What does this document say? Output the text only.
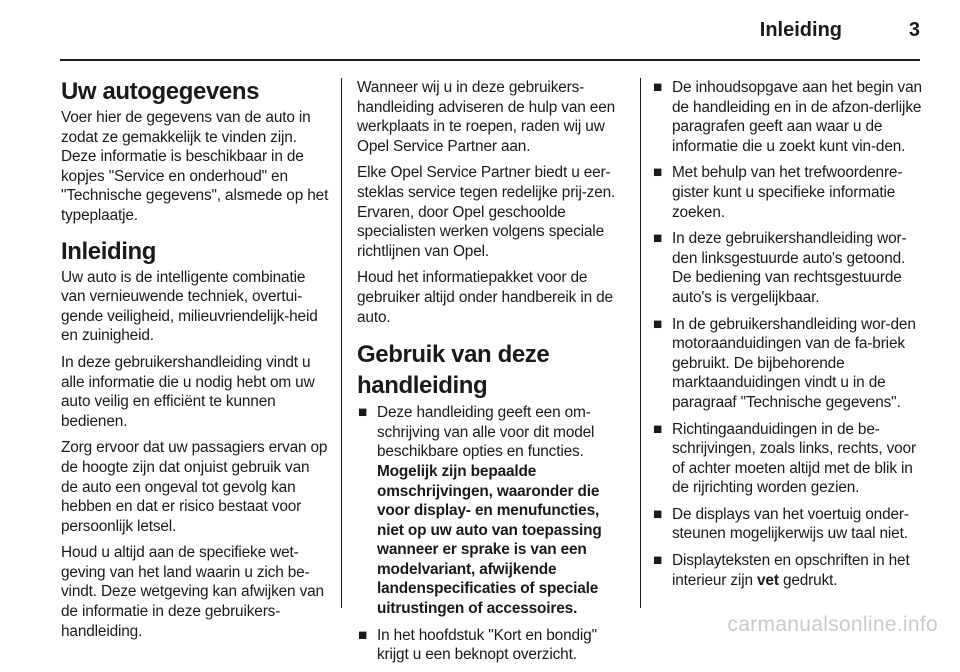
Inleiding	3
Uw autogegevens

Voer hier de gegevens van de auto in zodat ze gemakkelijk te vinden zijn. Deze informatie is beschikbaar in de kopjes "Service en onderhoud" en "Technische gegevens", alsmede op het typeplaatje.

Inleiding

Uw auto is de intelligente combinatie van vernieuwende techniek, overtui-gende veiligheid, milieuvriendelijk-heid en zuinigheid.

In deze gebruikershandleiding vindt u alle informatie die u nodig hebt om uw auto veilig en efficiënt te kunnen bedienen.

Zorg ervoor dat uw passagiers ervan op de hoogte zijn dat onjuist gebruik van de auto een ongeval tot gevolg kan hebben en dat er risico bestaat voor persoonlijk letsel.

Houd u altijd aan de specifieke wet-geving van het land waarin u zich be-vindt. Deze wetgeving kan afwijken van de informatie in deze gebruikers-handleiding.

Wanneer wij u in deze gebruikers-handleiding adviseren de hulp van een werkplaats in te roepen, raden wij uw Opel Service Partner aan.

Elke Opel Service Partner biedt u eer-steklas service tegen redelijke prij-zen. Ervaren, door Opel geschoolde specialisten werken volgens speciale richtlijnen van Opel.

Houd het informatiepakket voor de gebruiker altijd onder handbereik in de auto.

Gebruik van deze handleiding
■ Deze handleiding geeft een om-schrijving van alle voor dit model beschikbare opties en functies.
Mogelijk zijn bepaalde omschrijvingen, waaronder die voor display- en menufuncties, niet op uw auto van toepassing wanneer er sprake is van een modelvariant, afwijkende landenspecificaties of speciale uitrustingen of accessoires.
■ In het hoofdstuk "Kort en bondig" krijgt u een beknopt overzicht.
■ De inhoudsopgave aan het begin van de handleiding en in de afzon-derlijke paragrafen geeft aan waar u de informatie die u zoekt kunt vin-den.
■ Met behulp van het trefwoordenre-gister kunt u specifieke informatie zoeken.
■ In deze gebruikershandleiding wor-den linksgestuurde auto's getoond. De bediening van rechtsgestuurde auto's is vergelijkbaar.
■ In de gebruikershandleiding wor-den motoraanduidingen van de fa-briek gebruikt. De bijbehorende marktaanduidingen vindt u in de paragraaf "Technische gegevens".
■ Richtingaanduidingen in de be-schrijvingen, zoals links, rechts, voor of achter moeten altijd met de blik in de rijrichting worden gezien.
■ De displays van het voertuig onder-steunen mogelijkerwijs uw taal niet.
■ Displayteksten en opschriften in het interieur zijn vet gedrukt.
carmanualsonline.info
